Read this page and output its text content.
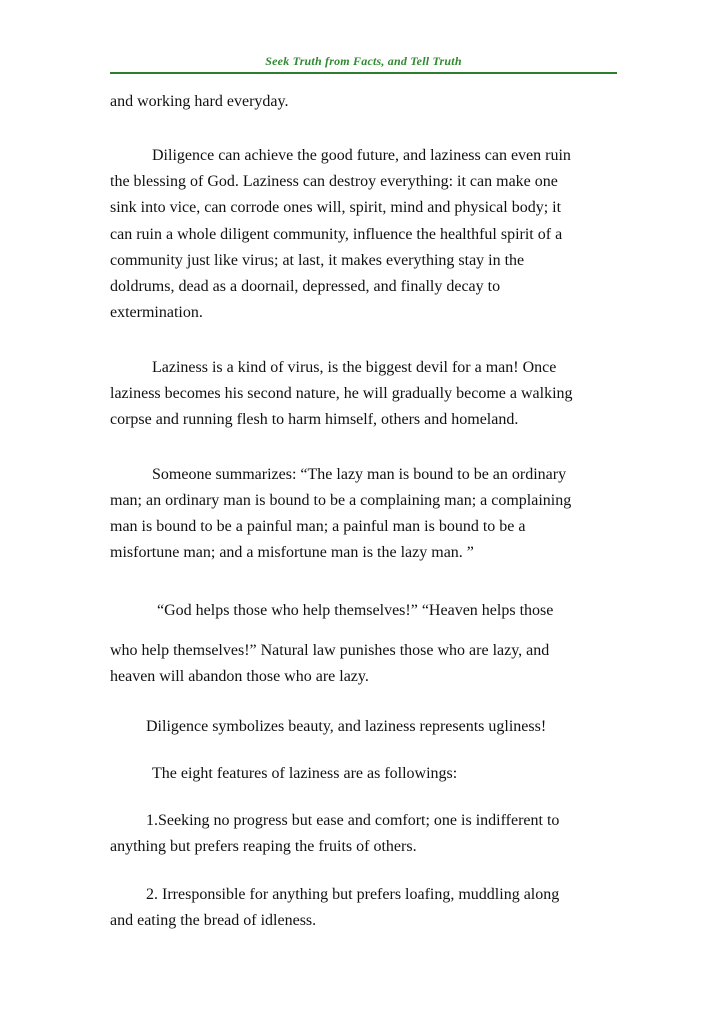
Seek Truth from Facts, and Tell Truth
and working hard everyday.
Diligence can achieve the good future, and laziness can even ruin
the blessing of God. Laziness can destroy everything: it can make one
sink into vice, can corrode ones will, spirit, mind and physical body; it
can ruin a whole diligent community, influence the healthful spirit of a
community just like virus; at last, it makes everything stay in the
doldrums, dead as a doornail, depressed, and finally decay to
extermination.
Laziness is a kind of virus, is the biggest devil for a man! Once
laziness becomes his second nature, he will gradually become a walking
corpse and running flesh to harm himself, others and homeland.
Someone summarizes: “The lazy man is bound to be an ordinary
man; an ordinary man is bound to be a complaining man; a complaining
man is bound to be a painful man; a painful man is bound to be a
misfortune man; and a misfortune man is the lazy man. ”
“God helps those who help themselves!” “Heaven helps those
who help themselves!” Natural law punishes those who are lazy, and
heaven will abandon those who are lazy.
Diligence symbolizes beauty, and laziness represents ugliness!
The eight features of laziness are as followings:
1.Seeking no progress but ease and comfort; one is indifferent to
anything but prefers reaping the fruits of others.
2. Irresponsible for anything but prefers loafing, muddling along
and eating the bread of idleness.
